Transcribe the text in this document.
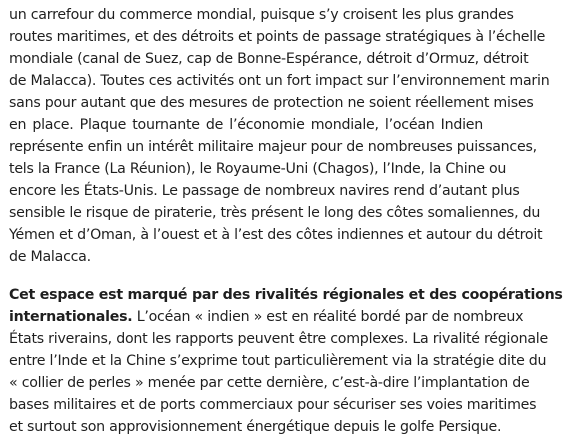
un carrefour du commerce mondial, puisque s’y croisent les plus grandes
routes maritimes, et des détroits et points de passage stratégiques à l’échelle
mondiale (canal de Suez, cap de Bonne-Espérance, détroit d’Ormuz, détroit
de Malacca). Toutes ces activités ont un fort impact sur l’environnement marin
sans pour autant que des mesures de protection ne soient réellement mises
en place. Plaque tournante de l’économie mondiale, l’océan Indien
représente enfin un intérêt militaire majeur pour de nombreuses puissances,
tels la France (La Réunion), le Royaume-Uni (Chagos), l’Inde, la Chine ou
encore les États-Unis. Le passage de nombreux navires rend d’autant plus
sensible le risque de piraterie, très présent le long des côtes somaliennes, du
Yémen et d’Oman, à l’ouest et à l’est des côtes indiennes et autour du détroit
de Malacca.
Cet espace est marqué par des rivalités régionales et des coopérations
internationales. L’océan « indien » est en réalité bordé par de nombreux
États riverains, dont les rapports peuvent être complexes. La rivalité régionale
entre l’Inde et la Chine s’exprime tout particulièrement via la stratégie dite du
« collier de perles » menée par cette dernière, c’est-à-dire l’implantation de
bases militaires et de ports commerciaux pour sécuriser ses voies maritimes
et surtout son approvisionnement énergétique depuis le golfe Persique.
